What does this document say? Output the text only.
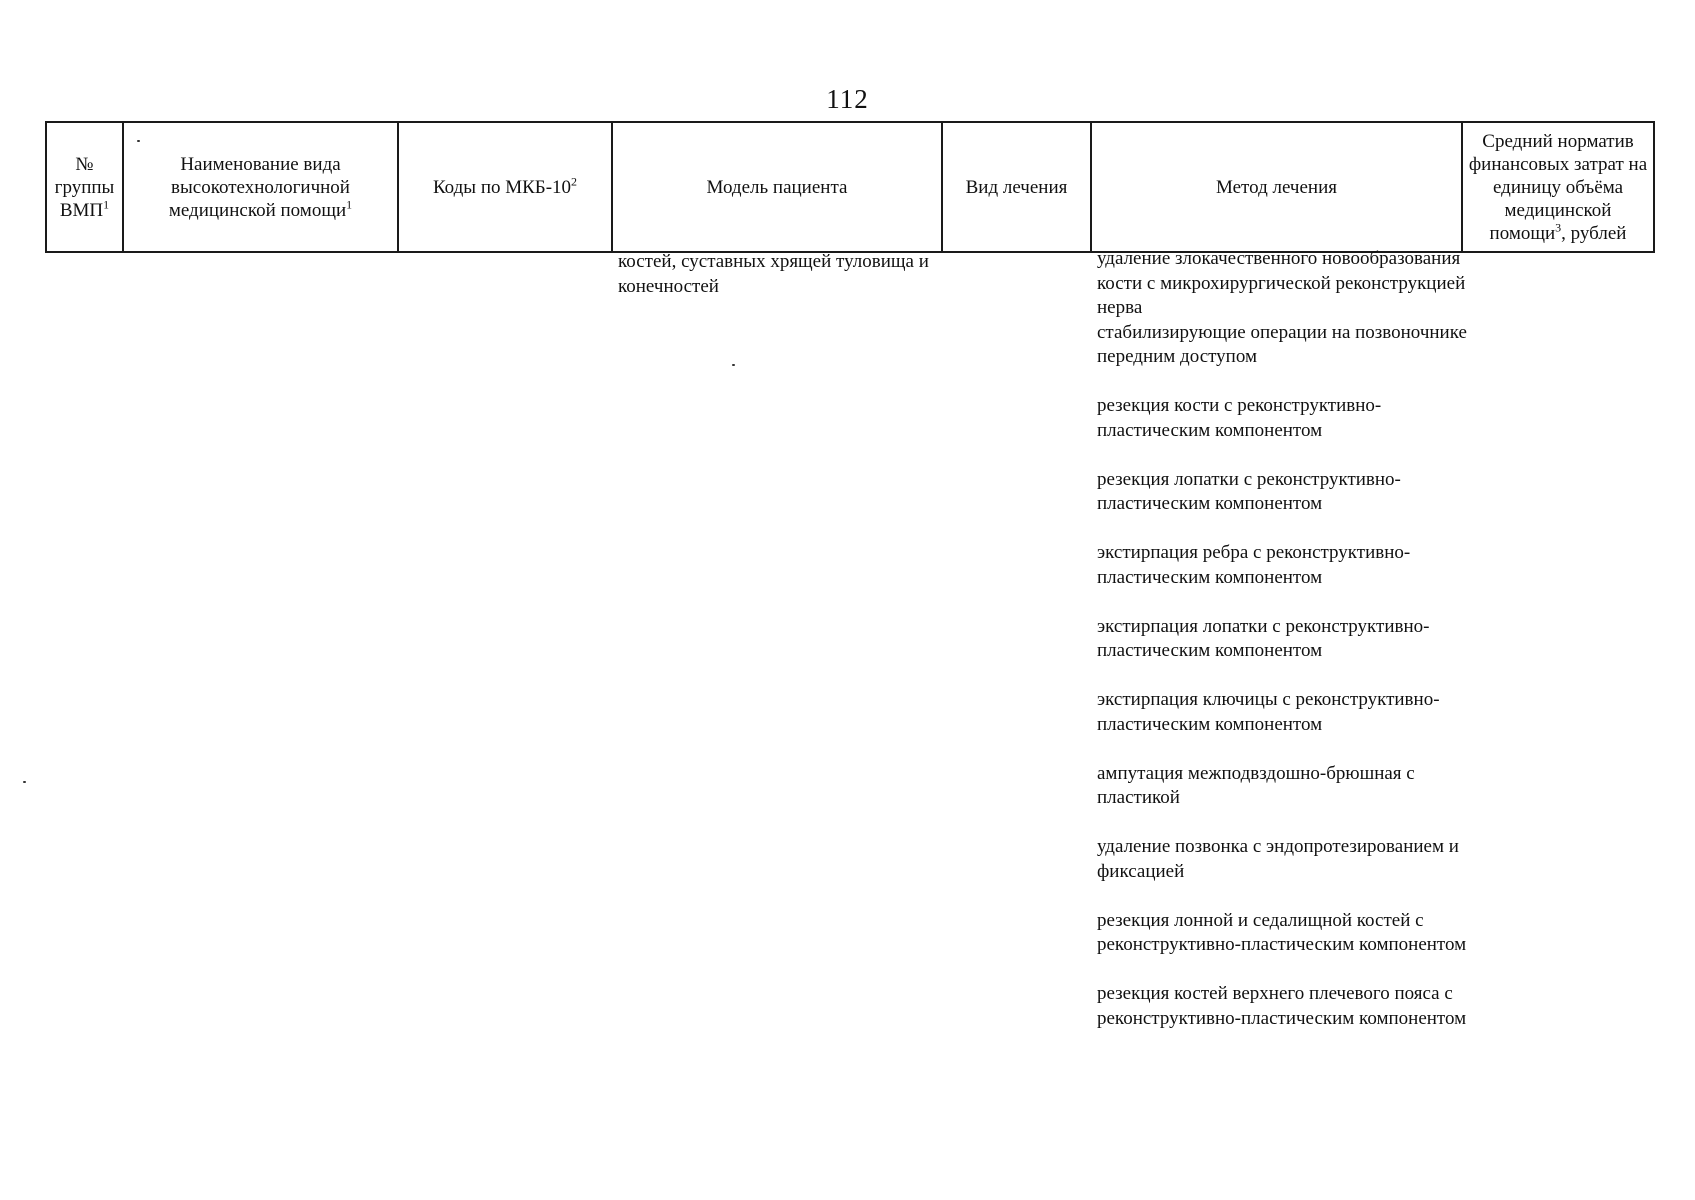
112
№ группы ВМП$^1$	Наименование вида высокотехнологичной медицинской помощи$^1$	Коды по МКБ-$10^2$	Модель пациента	Вид лечения	Метод лечения	Средний норматив финансовых затрат на единицу объёма медицинской помощи$^3$, рублей
костей, суставных хрящей туловища и конечностей
удаление злокачественного новообразования кости с микрохирургической реконструкцией нерва
стабилизирующие операции на позвоночнике передним доступом
резекция кости с реконструктивно-пластическим компонентом
резекция лопатки с реконструктивно-пластическим компонентом
экстирпация ребра с реконструктивно-пластическим компонентом
экстирпация лопатки с реконструктивно-пластическим компонентом
экстирпация ключицы с реконструктивно-пластическим компонентом
ампутация межподвздошно-брюшная с пластикой
удаление позвонка с эндопротезированием и фиксацией
резекция лонной и седалищной костей с реконструктивно-пластическим компонентом
резекция костей верхнего плечевого пояса с реконструктивно-пластическим компонентом
